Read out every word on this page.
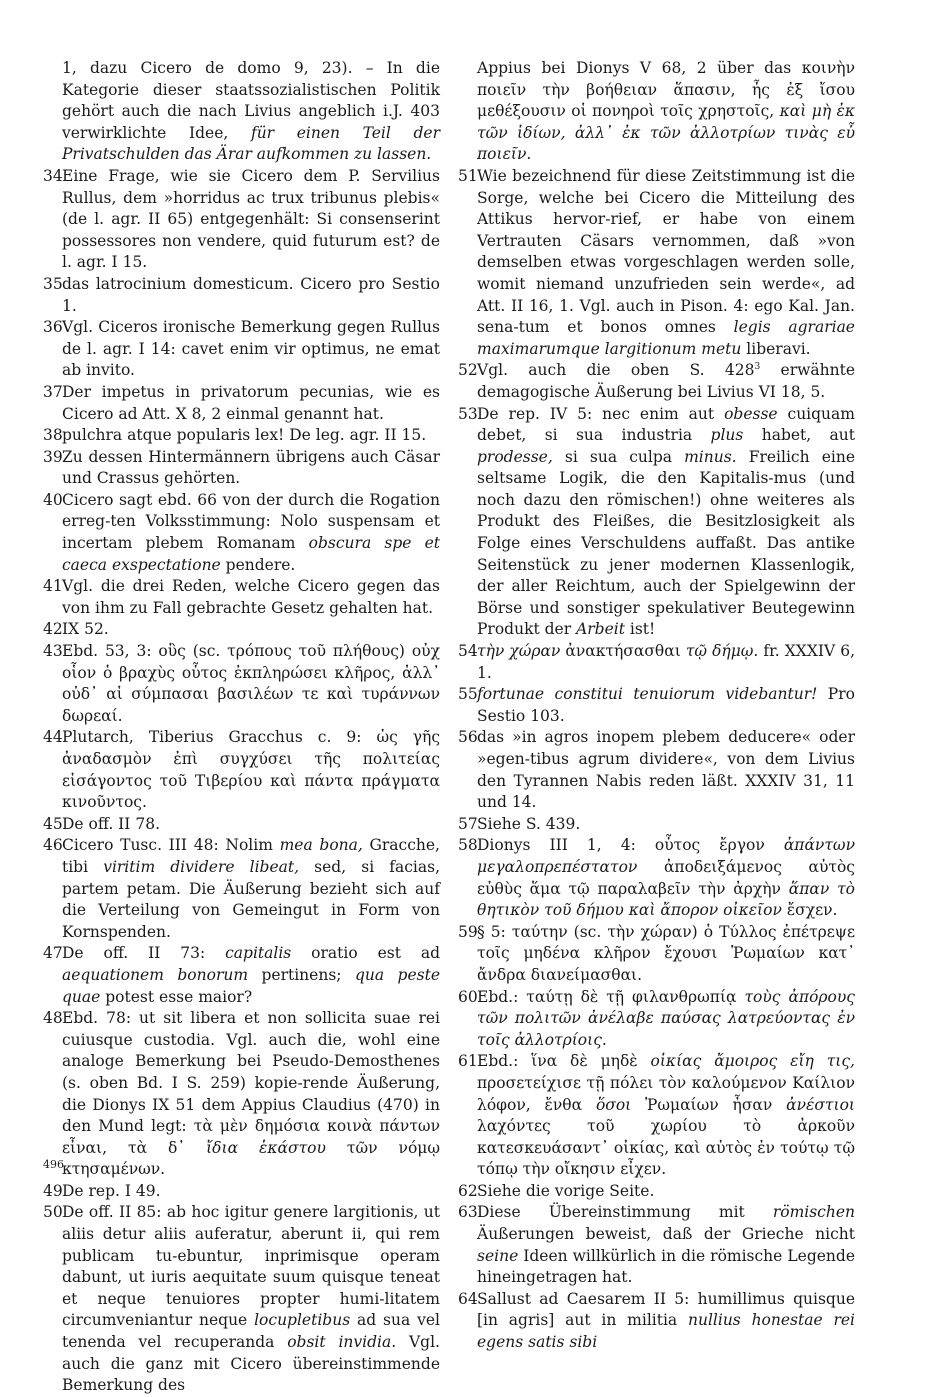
1, dazu Cicero de domo 9, 23). – In die Kategorie dieser staatssozialistischen Politik gehört auch die nach Livius angeblich i.J. 403 verwirklichte Idee, für einen Teil der Privatschulden das Ärar aufkommen zu lassen.
34 Eine Frage, wie sie Cicero dem P. Servilius Rullus, dem »horridus ac trux tribunus plebis« (de l. agr. II 65) entgegenhält: Si consenserint possessores non vendere, quid futurum est? de l. agr. I 15.
35 das latrocinium domesticum. Cicero pro Sestio 1.
36 Vgl. Ciceros ironische Bemerkung gegen Rullus de l. agr. I 14: cavet enim vir optimus, ne emat ab invito.
37 Der impetus in privatorum pecunias, wie es Cicero ad Att. X 8, 2 einmal genannt hat.
38 pulchra atque popularis lex! De leg. agr. II 15.
39 Zu dessen Hintermännern übrigens auch Cäsar und Crassus gehörten.
40 Cicero sagt ebd. 66 von der durch die Rogation erreg-ten Volksstimmung: Nolo suspensam et incertam plebem Romanam obscura spe et caeca exspectatione pendere.
41 Vgl. die drei Reden, welche Cicero gegen das von ihm zu Fall gebrachte Gesetz gehalten hat.
42 IX 52.
43 Ebd. 53, 3: οὓς (sc. τρόπους τοῦ πλήθους) οὐχ οἷον ὁ βραχὺς οὗτος ἐκπληρώσει κλῆρος, ἀλλ᾽ οὐδ᾽ αἱ σύμπασαι βασιλέων τε καὶ τυράννων δωρεαί.
44 Plutarch, Tiberius Gracchus c. 9: ὡς γῆς ἀναδασμὸν ἐπὶ συγχύσει τῆς πολιτείας εἰσάγοντος τοῦ Τιβερίου καὶ πάντα πράγματα κινοῦντος.
45 De off. II 78.
46 Cicero Tusc. III 48: Nolim mea bona, Gracche, tibi viritim dividere libeat, sed, si facias, partem petam. Die Äußerung bezieht sich auf die Verteilung von Gemeingut in Form von Kornspenden.
47 De off. II 73: capitalis oratio est ad aequationem bonorum pertinens; qua peste quae potest esse maior?
48 Ebd. 78: ut sit libera et non sollicita suae rei cuiusque custodia. Vgl. auch die, wohl eine analoge Bemerkung bei Pseudo-Demosthenes (s. oben Bd. I S. 259) kopie-rende Äußerung, die Dionys IX 51 dem Appius Claudius (470) in den Mund legt: τὰ μὲν δημόσια κοινὰ πάντων εἶναι, τὰ δ᾽ ἴδια ἑκάστου τῶν νόμῳ κτησαμένων.
49 De rep. I 49.
50 De off. II 85: ab hoc igitur genere largitionis, ut aliis detur aliis auferatur, aberunt ii, qui rem publicam tu-ebuntur, inprimisque operam dabunt, ut iuris aequitate suum quisque teneat et neque tenuiores propter humi-litatem circumveniantur neque locupletibus ad sua vel tenenda vel recuperanda obsit invidia. Vgl. auch die ganz mit Cicero übereinstimmende Bemerkung des
Appius bei Dionys V 68, 2 über das κοινὴν ποιεῖν τὴν βοήθειαν ἅπασιν, ἧς ἐξ ἴσου μεθέξουσιν οἱ πονηροὶ τοῖς χρηστοῖς, καὶ μὴ ἐκ τῶν ἰδίων, ἀλλ᾽ ἐκ τῶν ἀλλοτρίων τινὰς εὖ ποιεῖν.
51 Wie bezeichnend für diese Zeitstimmung ist die Sorge, welche bei Cicero die Mitteilung des Attikus hervor-rief, er habe von einem Vertrauten Cäsars vernommen, daß »von demselben etwas vorgeschlagen werden solle, womit niemand unzufrieden sein werde«, ad Att. II 16, 1. Vgl. auch in Pison. 4: ego Kal. Jan. sena-tum et bonos omnes legis agrariae maximarumque largitionum metu liberavi.
52 Vgl. auch die oben S. $428^3$ erwähnte demagogische Äußerung bei Livius VI 18, 5.
53 De rep. IV 5: nec enim aut obesse cuiquam debet, si sua industria plus habet, aut prodesse, si sua culpa minus. Freilich eine seltsame Logik, die den Kapitalis-mus (und noch dazu den römischen!) ohne weiteres als Produkt des Fleißes, die Besitzlosigkeit als Folge eines Verschuldens auffaßt. Das antike Seitenstück zu jener modernen Klassenlogik, der aller Reichtum, auch der Spielgewinn der Börse und sonstiger spekulativer Beutegewinn Produkt der Arbeit ist!
54 τὴν χώραν ἀνακτήσασθαι τῷ δήμῳ. fr. XXXIV 6, 1.
55 fortunae constitui tenuiorum videbantur! Pro Sestio 103.
56 das »in agros inopem plebem deducere« oder »egen-tibus agrum dividere«, von dem Livius den Tyrannen Nabis reden läßt. XXXIV 31, 11 und 14.
57 Siehe S. 439.
58 Dionys III 1, 4: οὗτος ἔργον ἁπάντων μεγαλοπρεπέστατον ἀποδειξάμενος αὐτὸς εὐθὺς ἅμα τῷ παραλαβεῖν τὴν ἀρχὴν ἅπαν τὸ θητικὸν τοῦ δήμου καὶ ἄπορον οἰκεῖον ἔσχεν.
59 § 5: ταύτην (sc. τὴν χώραν) ὁ Τύλλος ἐπέτρεψε τοῖς μηδένα κλῆρον ἔχουσι Ῥωμαίων κατ᾽ ἄνδρα διανείμασθαι.
60 Ebd.: ταύτῃ δὲ τῇ φιλανθρωπίᾳ τοὺς ἀπόρους τῶν πολιτῶν ἀνέλαβε παύσας λατρεύοντας ἐν τοῖς ἀλλοτρίοις.
61 Ebd.: ἵνα δὲ μηδὲ οἰκίας ἄμοιρος εἴη τις, προσετείχισε τῇ πόλει τὸν καλούμενον Καίλιον λόφον, ἔνθα ὅσοι Ῥωμαίων ἦσαν ἀνέστιοι λαχόντες τοῦ χωρίου τὸ ἀρκοῦν κατεσκευάσαντ᾽ οἰκίας, καὶ αὐτὸς ἐν τούτῳ τῷ τόπῳ τὴν οἴκησιν εἶχεν.
62 Siehe die vorige Seite.
63 Diese Übereinstimmung mit römischen Äußerungen beweist, daß der Grieche nicht seine Ideen willkürlich in die römische Legende hineingetragen hat.
64 Sallust ad Caesarem II 5: humillimus quisque [in agris] aut in militia nullius honestae rei egens satis sibi
496
